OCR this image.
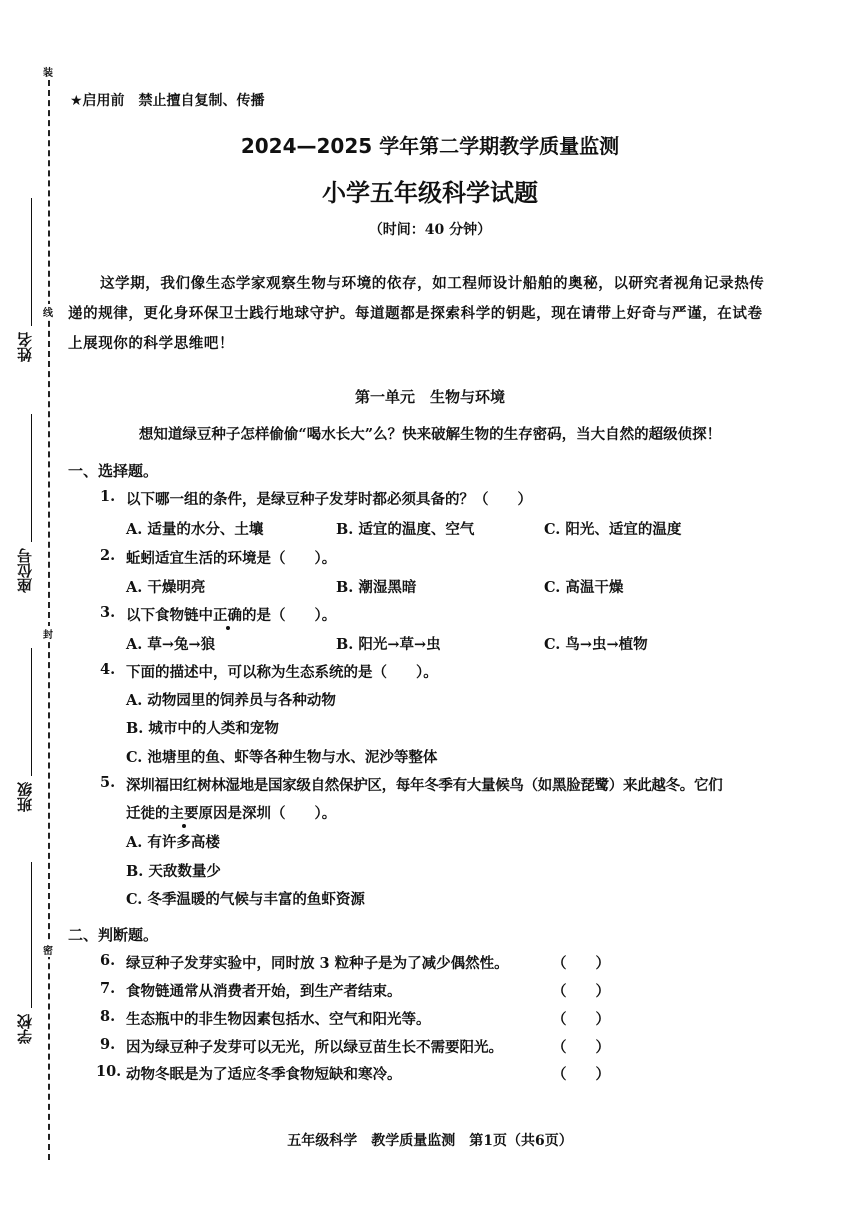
装
线
封
密
姓名
座位号
班级
学校
★启用前　禁止擅自复制、传播
2024—2025 学年第二学期教学质量监测
小学五年级科学试题
（时间：40 分钟）
这学期，我们像生态学家观察生物与环境的依存，如工程师设计船舶的奥秘，以研究者视角记录热传
递的规律，更化身环保卫士践行地球守护。每道题都是探索科学的钥匙，现在请带上好奇与严谨，在试卷
上展现你的科学思维吧！
第一单元　生物与环境
想知道绿豆种子怎样偷偷“喝水长大”么？快来破解生物的生存密码，当大自然的超级侦探！
一、选择题。
1. 以下哪一组的条件，是绿豆种子发芽时都必须具备的？（　　）
A. 适量的水分、土壤	B. 适宜的温度、空气	C. 阳光、适宜的温度
2. 蚯蚓适宜生活的环境是（　　）。
A. 干燥明亮	B. 潮湿黑暗	C. 高温干燥
3. 以下食物链中正确的是（　　）。
A. 草→兔→狼	B. 阳光→草→虫	C. 鸟→虫→植物
4. 下面的描述中，可以称为生态系统的是（　　）。
A. 动物园里的饲养员与各种动物
B. 城市中的人类和宠物
C. 池塘里的鱼、虾等各种生物与水、泥沙等整体
5. 深圳福田红树林湿地是国家级自然保护区，每年冬季有大量候鸟（如黑脸琵鹭）来此越冬。它们
迁徙的主要原因是深圳（　　）。
A. 有许多高楼
B. 天敌数量少
C. 冬季温暖的气候与丰富的鱼虾资源
二、判断题。
6. 绿豆种子发芽实验中，同时放 3 粒种子是为了减少偶然性。	（　　）
7. 食物链通常从消费者开始，到生产者结束。	（　　）
8. 生态瓶中的非生物因素包括水、空气和阳光等。	（　　）
9. 因为绿豆种子发芽可以无光，所以绿豆苗生长不需要阳光。	（　　）
10. 动物冬眠是为了适应冬季食物短缺和寒冷。	（　　）
五年级科学　教学质量监测　第1页（共6页）
